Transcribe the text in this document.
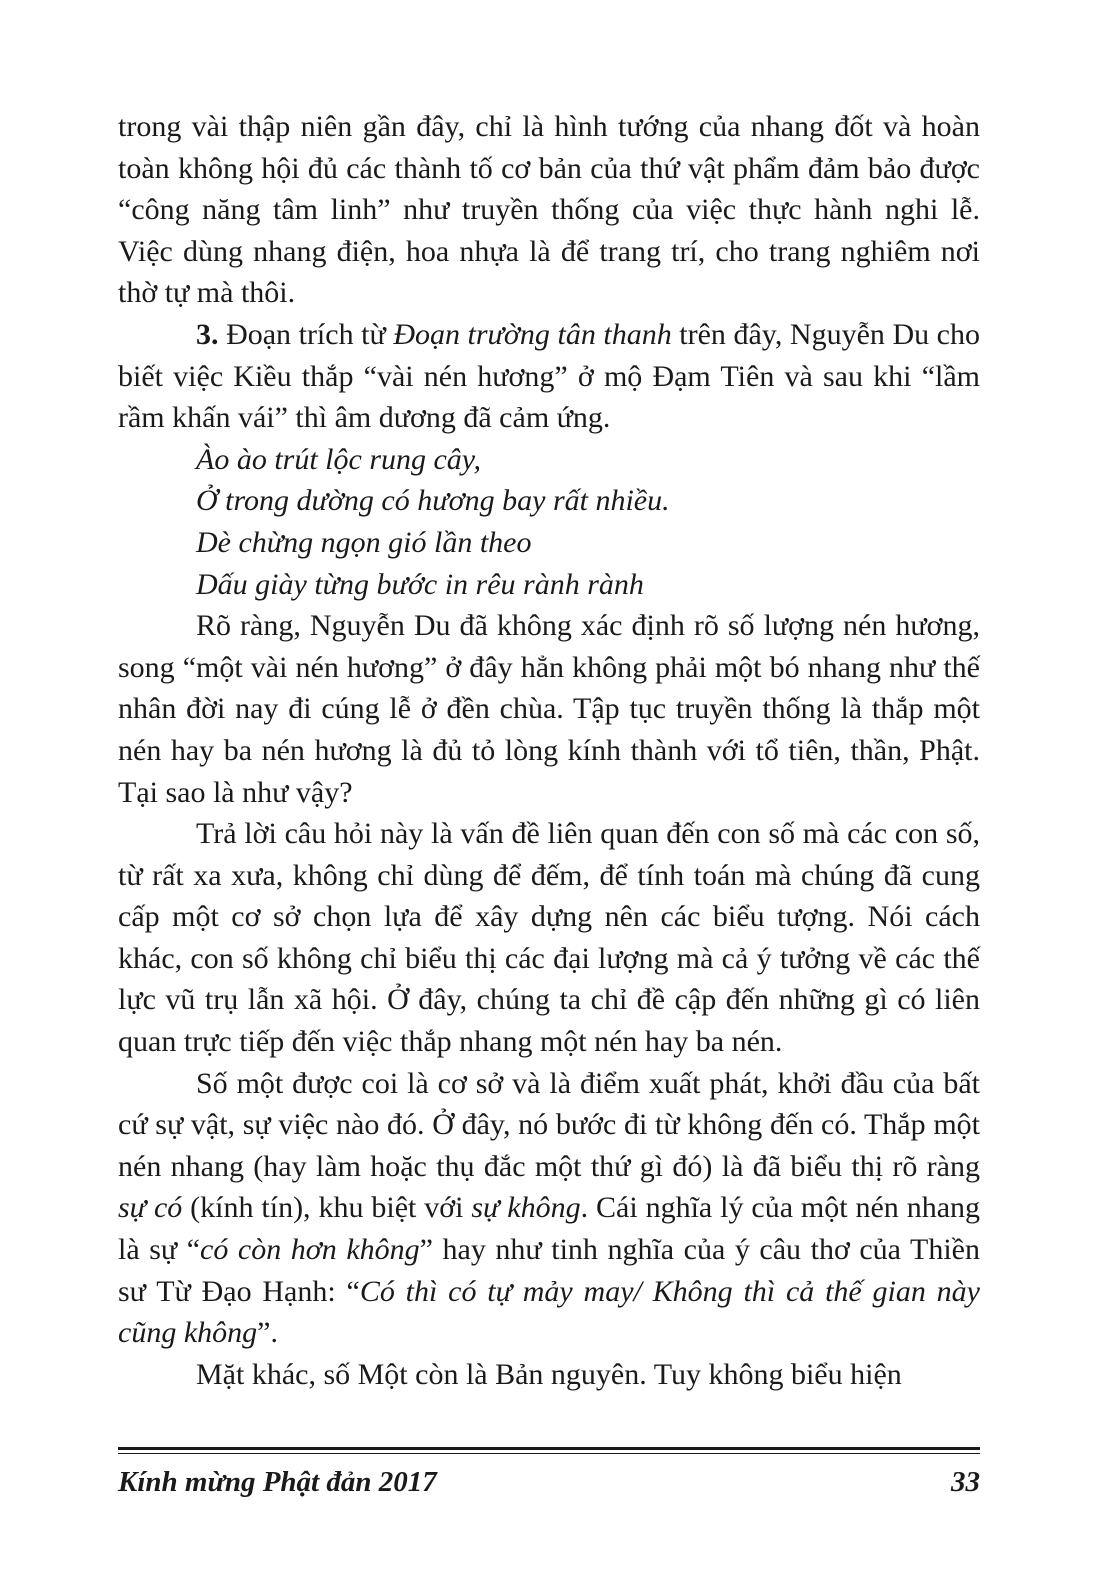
trong vài thập niên gần đây, chỉ là hình tướng của nhang đốt và hoàn toàn không hội đủ các thành tố cơ bản của thứ vật phẩm đảm bảo được “công năng tâm linh” như truyền thống của việc thực hành nghi lễ. Việc dùng nhang điện, hoa nhựa là để trang trí, cho trang nghiêm nơi thờ tự mà thôi.

3. Đoạn trích từ Đoạn trường tân thanh trên đây, Nguyễn Du cho biết việc Kiều thắp “vài nén hương” ở mộ Đạm Tiên và sau khi “lầm rầm khấn vái” thì âm dương đã cảm ứng.

Ào ào trút lộc rung cây,
Ở trong dường có hương bay rất nhiều.
Dè chừng ngọn gió lần theo
Dấu giày từng bước in rêu rành rành

Rõ ràng, Nguyễn Du đã không xác định rõ số lượng nén hương, song “một vài nén hương” ở đây hẳn không phải một bó nhang như thế nhân đời nay đi cúng lễ ở đền chùa. Tập tục truyền thống là thắp một nén hay ba nén hương là đủ tỏ lòng kính thành với tổ tiên, thần, Phật. Tại sao là như vậy?

Trả lời câu hỏi này là vấn đề liên quan đến con số mà các con số, từ rất xa xưa, không chỉ dùng để đếm, để tính toán mà chúng đã cung cấp một cơ sở chọn lựa để xây dựng nên các biểu tượng. Nói cách khác, con số không chỉ biểu thị các đại lượng mà cả ý tưởng về các thế lực vũ trụ lẫn xã hội. Ở đây, chúng ta chỉ đề cập đến những gì có liên quan trực tiếp đến việc thắp nhang một nén hay ba nén.

Số một được coi là cơ sở và là điểm xuất phát, khởi đầu của bất cứ sự vật, sự việc nào đó. Ở đây, nó bước đi từ không đến có. Thắp một nén nhang (hay làm hoặc thụ đắc một thứ gì đó) là đã biểu thị rõ ràng sự có (kính tín), khu biệt với sự không. Cái nghĩa lý của một nén nhang là sự “có còn hơn không” hay như tinh nghĩa của ý câu thơ của Thiền sư Từ Đạo Hạnh: “Có thì có tự mảy may/ Không thì cả thế gian này cũng không”.

Mặt khác, số Một còn là Bản nguyên. Tuy không biểu hiện

Kính mừng Phật đản 2017	33
